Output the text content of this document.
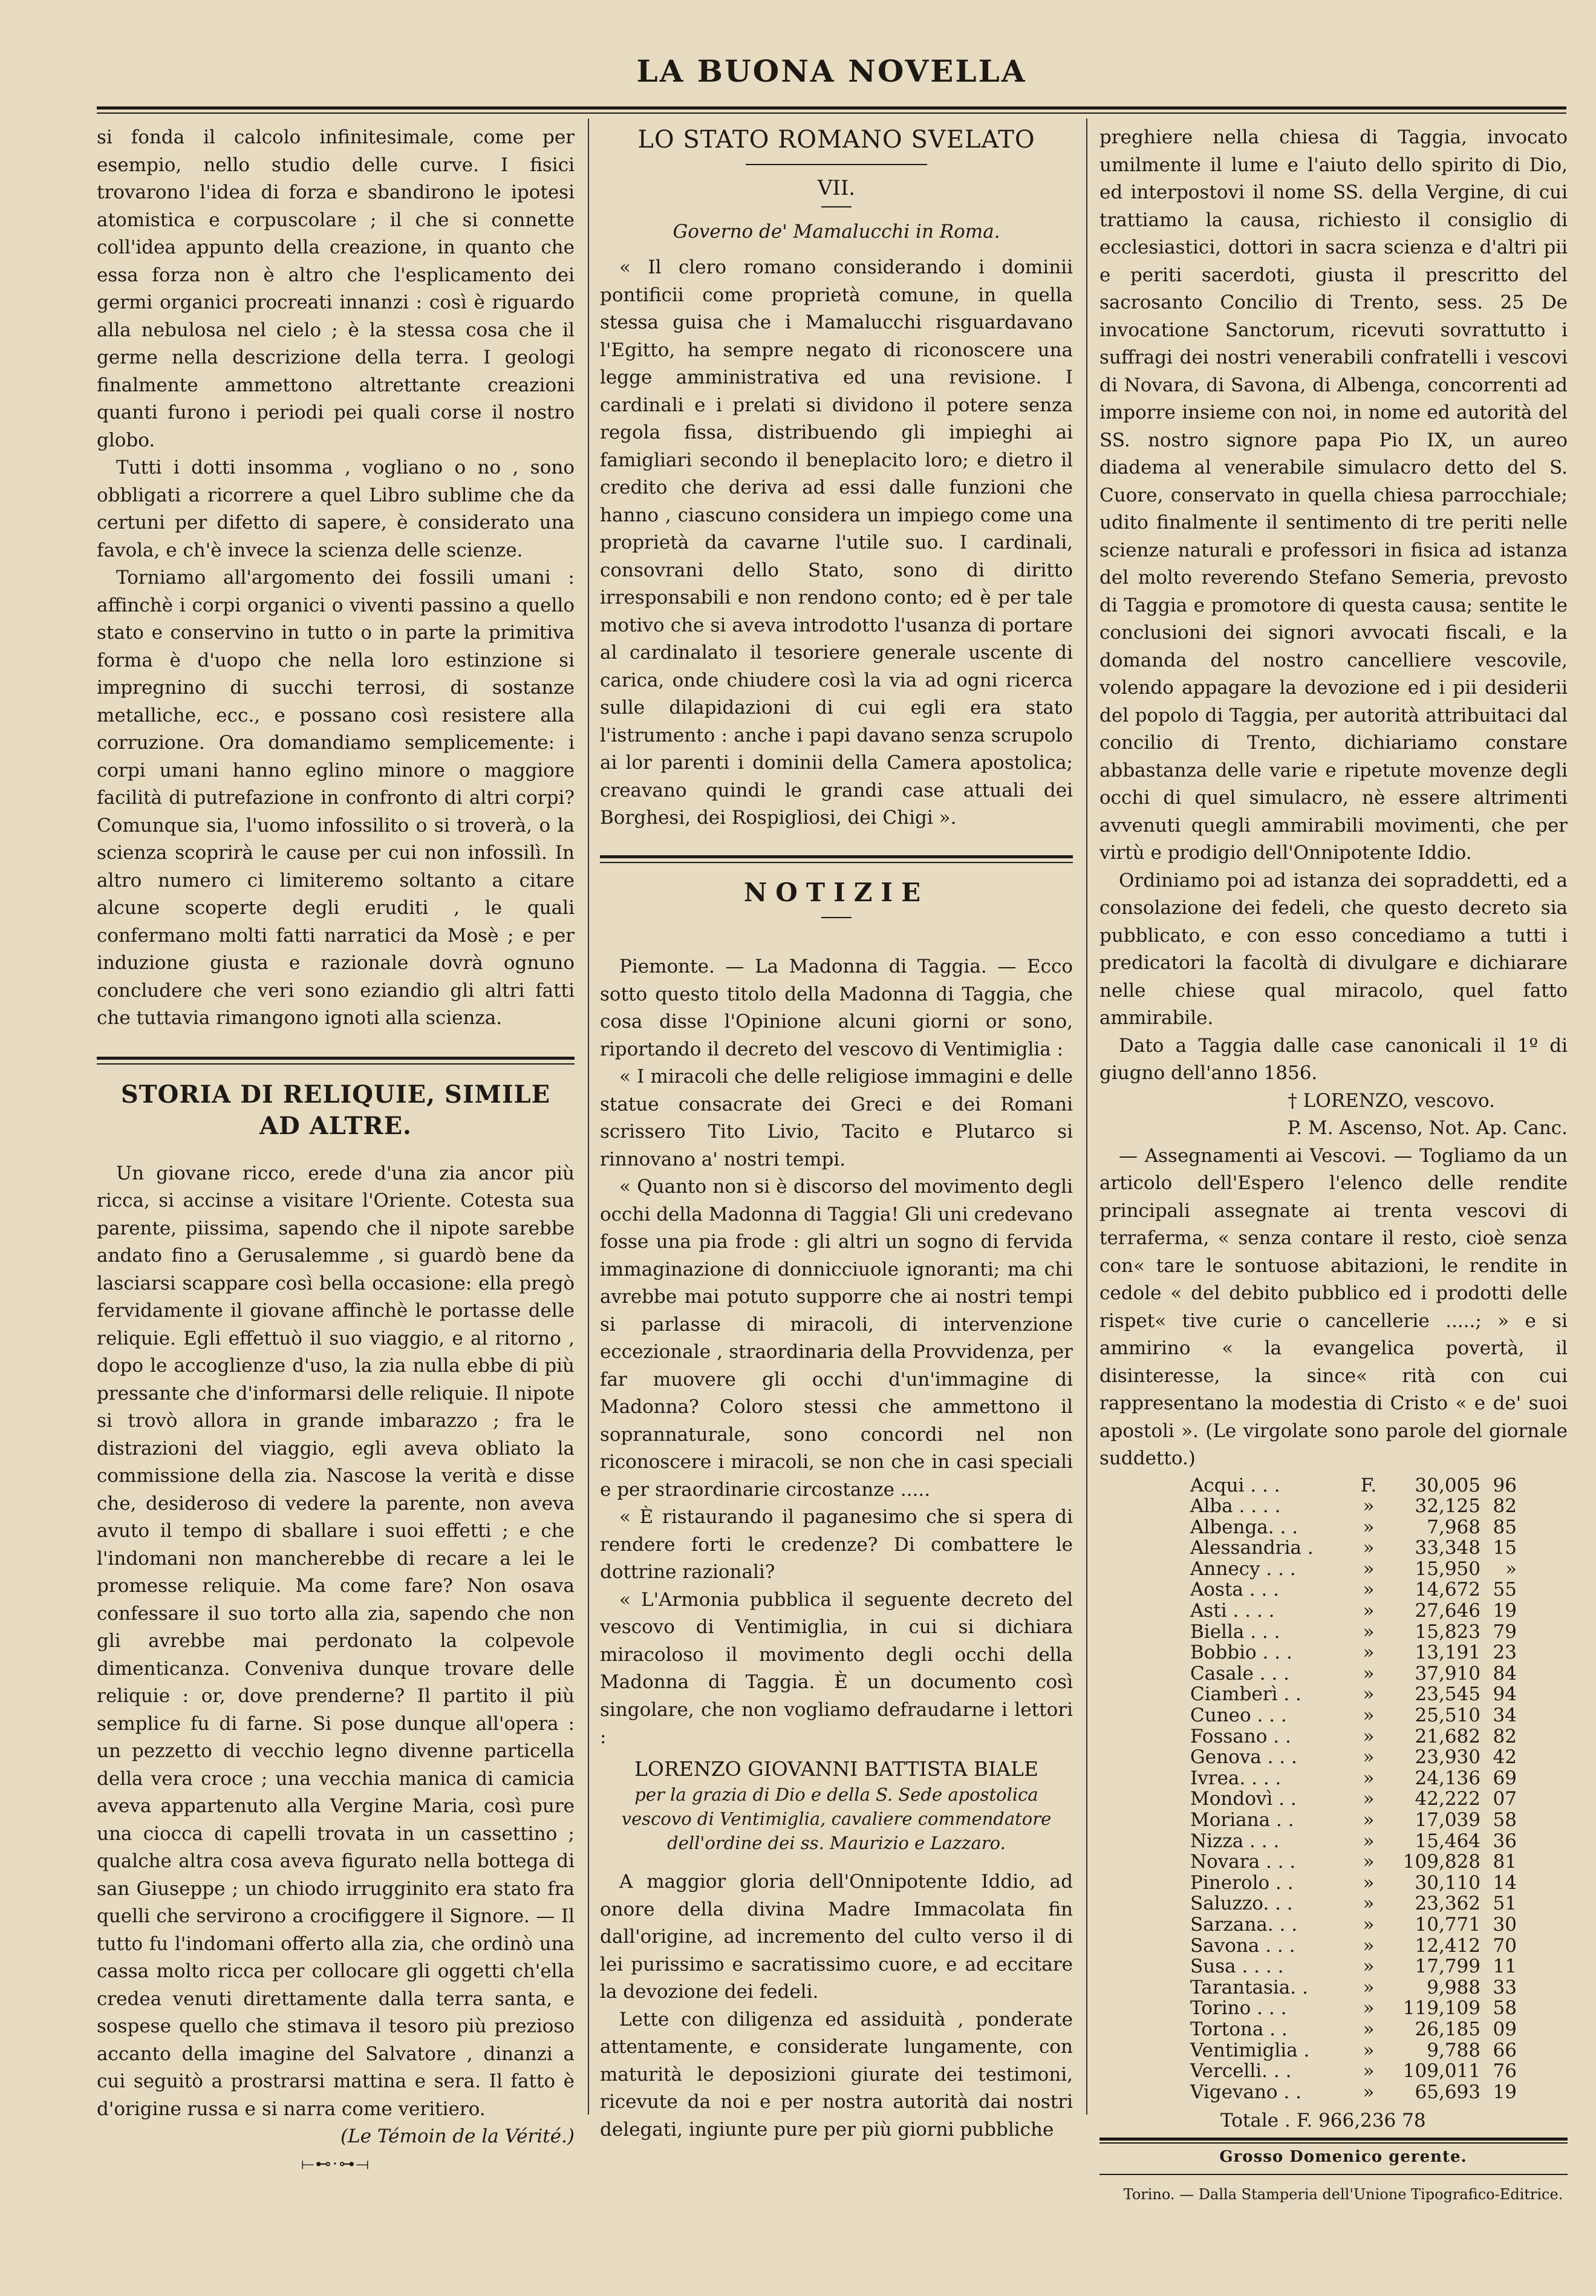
LA BUONA NOVELLA

si fonda il calcolo infinitesimale, come per esempio, nello studio delle curve. I fisici trovarono l'idea di forza e sbandirono le ipotesi atomistica e corpuscolare ; il che si connette coll'idea appunto della creazione, in quanto che essa forza non è altro che l'esplicamento dei germi organici procreati innanzi : così è riguardo alla nebulosa nel cielo ; è la stessa cosa che il germe nella descrizione della terra. I geologi finalmente ammettono altrettante creazioni quanti furono i periodi pei quali corse il nostro globo.

Tutti i dotti insomma , vogliano o no , sono obbligati a ricorrere a quel Libro sublime che da certuni per difetto di sapere, è considerato una favola, e ch'è invece la scienza delle scienze.

Torniamo all'argomento dei fossili umani : affinchè i corpi organici o viventi passino a quello stato e conservino in tutto o in parte la primitiva forma è d'uopo che nella loro estinzione si impregnino di succhi terrosi, di sostanze metalliche, ecc., e possano così resistere alla corruzione. Ora domandiamo semplicemente: i corpi umani hanno eglino minore o maggiore facilità di putrefazione in confronto di altri corpi? Comunque sia, l'uomo infossilito o si troverà, o la scienza scoprirà le cause per cui non infossilì. In altro numero ci limiteremo soltanto a citare alcune scoperte degli eruditi , le quali confermano molti fatti narratici da Mosè ; e per induzione giusta e razionale dovrà ognuno concludere che veri sono eziandio gli altri fatti che tuttavia rimangono ignoti alla scienza.

STORIA DI RELIQUIE, SIMILE AD ALTRE.

Un giovane ricco, erede d'una zia ancor più ricca, si accinse a visitare l'Oriente. Cotesta sua parente, piissima, sapendo che il nipote sarebbe andato fino a Gerusalemme , si guardò bene da lasciarsi scappare così bella occasione: ella pregò fervidamente il giovane affinchè le portasse delle reliquie. Egli effettuò il suo viaggio, e al ritorno , dopo le accoglienze d'uso, la zia nulla ebbe di più pressante che d'informarsi delle reliquie. Il nipote si trovò allora in grande imbarazzo ; fra le distrazioni del viaggio, egli aveva obliato la commissione della zia. Nascose la verità e disse che, desideroso di vedere la parente, non aveva avuto il tempo di sballare i suoi effetti ; e che l'indomani non mancherebbe di recare a lei le promesse reliquie. Ma come fare? Non osava confessare il suo torto alla zia, sapendo che non gli avrebbe mai perdonato la colpevole dimenticanza. Conveniva dunque trovare delle reliquie : or, dove prenderne? Il partito il più semplice fu di farne. Si pose dunque all'opera : un pezzetto di vecchio legno divenne particella della vera croce ; una vecchia manica di camicia aveva appartenuto alla Vergine Maria, così pure una ciocca di capelli trovata in un cassettino ; qualche altra cosa aveva figurato nella bottega di san Giuseppe ; un chiodo irrugginito era stato fra quelli che servirono a crocifiggere il Signore. — Il tutto fu l'indomani offerto alla zia, che ordinò una cassa molto ricca per collocare gli oggetti ch'ella credea venuti direttamente dalla terra santa, e sospese quello che stimava il tesoro più prezioso accanto della imagine del Salvatore , dinanzi a cui seguitò a prostrarsi mattina e sera. Il fatto è d'origine russa e si narra come veritiero.

(Le Témoin de la Vérité.)

⟝⊷⋅⊶⟞
LO STATO ROMANO SVELATO

VII.

Governo de' Mamalucchi in Roma.

« Il clero romano considerando i dominii pontificii come proprietà comune, in quella stessa guisa che i Mamalucchi risguardavano l'Egitto, ha sempre negato di riconoscere una legge amministrativa ed una revisione. I cardinali e i prelati si dividono il potere senza regola fissa, distribuendo gli impieghi ai famigliari secondo il beneplacito loro; e dietro il credito che deriva ad essi dalle funzioni che hanno , ciascuno considera un impiego come una proprietà da cavarne l'utile suo. I cardinali, consovrani dello Stato, sono di diritto irresponsabili e non rendono conto; ed è per tale motivo che si aveva introdotto l'usanza di portare al cardinalato il tesoriere generale uscente di carica, onde chiudere così la via ad ogni ricerca sulle dilapidazioni di cui egli era stato l'istrumento : anche i papi davano senza scrupolo ai lor parenti i dominii della Camera apostolica; creavano quindi le grandi case attuali dei Borghesi, dei Rospigliosi, dei Chigi ».

NOTIZIE

Piemonte. — La Madonna di Taggia. — Ecco sotto questo titolo della Madonna di Taggia, che cosa disse l'Opinione alcuni giorni or sono, riportando il decreto del vescovo di Ventimiglia :

« I miracoli che delle religiose immagini e delle statue consacrate dei Greci e dei Romani scrissero Tito Livio, Tacito e Plutarco si rinnovano a' nostri tempi.

« Quanto non si è discorso del movimento degli occhi della Madonna di Taggia! Gli uni credevano fosse una pia frode : gli altri un sogno di fervida immaginazione di donnicciuole ignoranti; ma chi avrebbe mai potuto supporre che ai nostri tempi si parlasse di miracoli, di intervenzione eccezionale , straordinaria della Provvidenza, per far muovere gli occhi d'un'immagine di Madonna? Coloro stessi che ammettono il soprannaturale, sono concordi nel non riconoscere i miracoli, se non che in casi speciali e per straordinarie circostanze .....

« È ristaurando il paganesimo che si spera di rendere forti le credenze? Di combattere le dottrine razionali?

« L'Armonia pubblica il seguente decreto del vescovo di Ventimiglia, in cui si dichiara miracoloso il movimento degli occhi della Madonna di Taggia. È un documento così singolare, che non vogliamo defraudarne i lettori :

LORENZO GIOVANNI BATTISTA BIALE

per la grazia di Dio e della S. Sede apostolica vescovo di Ventimiglia, cavaliere commendatore dell'ordine dei ss. Maurizio e Lazzaro.

A maggior gloria dell'Onnipotente Iddio, ad onore della divina Madre Immacolata fin dall'origine, ad incremento del culto verso il di lei purissimo e sacratissimo cuore, e ad eccitare la devozione dei fedeli.

Lette con diligenza ed assiduità , ponderate attentamente, e considerate lungamente, con maturità le deposizioni giurate dei testimoni, ricevute da noi e per nostra autorità dai nostri delegati, ingiunte pure per più giorni pubbliche

preghiere nella chiesa di Taggia, invocato umilmente il lume e l'aiuto dello spirito di Dio, ed interpostovi il nome SS. della Vergine, di cui trattiamo la causa, richiesto il consiglio di ecclesiastici, dottori in sacra scienza e d'altri pii e periti sacerdoti, giusta il prescritto del sacrosanto Concilio di Trento, sess. 25 De invocatione Sanctorum, ricevuti sovrattutto i suffragi dei nostri venerabili confratelli i vescovi di Novara, di Savona, di Albenga, concorrenti ad imporre insieme con noi, in nome ed autorità del SS. nostro signore papa Pio IX, un aureo diadema al venerabile simulacro detto del S. Cuore, conservato in quella chiesa parrocchiale; udito finalmente il sentimento di tre periti nelle scienze naturali e professori in fisica ad istanza del molto reverendo Stefano Semeria, prevosto di Taggia e promotore di questa causa; sentite le conclusioni dei signori avvocati fiscali, e la domanda del nostro cancelliere vescovile, volendo appagare la devozione ed i pii desiderii del popolo di Taggia, per autorità attribuitaci dal concilio di Trento, dichiariamo constare abbastanza delle varie e ripetute movenze degli occhi di quel simulacro, nè essere altrimenti avvenuti quegli ammirabili movimenti, che per virtù e prodigio dell'Onnipotente Iddio.

Ordiniamo poi ad istanza dei sopraddetti, ed a consolazione dei fedeli, che questo decreto sia pubblicato, e con esso concediamo a tutti i predicatori la facoltà di divulgare e dichiarare nelle chiese qual miracolo, quel fatto ammirabile.

Dato a Taggia dalle case canonicali il 1º di giugno dell'anno 1856.

† LORENZO, vescovo.

P. M. Ascenso, Not. Ap. Canc.

— Assegnamenti ai Vescovi. — Togliamo da un articolo dell'Espero l'elenco delle rendite principali assegnate ai trenta vescovi di terraferma, « senza contare il resto, cioè senza con« tare le sontuose abitazioni, le rendite in cedole « del debito pubblico ed i prodotti delle rispet« tive curie o cancellerie .....; » e si ammirino « la evangelica povertà, il disinteresse, la since« rità con cui rappresentano la modestia di Cristo « e de' suoi apostoli ». (Le virgolate sono parole del giornale suddetto.)

Acqui . . .	F.	30,005	96
Alba . . . .	»	32,125	82
Albenga. . .	»	7,968	85
Alessandria .	»	33,348	15
Annecy . . .	»	15,950	»
Aosta . . .	»	14,672	55
Asti . . . .	»	27,646	19
Biella . . .	»	15,823	79
Bobbio . . .	»	13,191	23
Casale . . .	»	37,910	84
Ciamberì . .	»	23,545	94
Cuneo . . .	»	25,510	34
Fossano . .	»	21,682	82
Genova . . .	»	23,930	42
Ivrea. . . .	»	24,136	69
Mondovì . .	»	42,222	07
Moriana . .	»	17,039	58
Nizza . . .	»	15,464	36
Novara . . .	»	109,828	81
Pinerolo . .	»	30,110	14
Saluzzo. . .	»	23,362	51
Sarzana. . .	»	10,771	30
Savona . . .	»	12,412	70
Susa . . . .	»	17,799	11
Tarantasia. .	»	9,988	33
Torino . . .	»	119,109	58
Tortona . .	»	26,185	09
Ventimiglia .	»	9,788	66
Vercelli. . .	»	109,011	76
Vigevano . .	»	65,693	19
Totale . F. 966,236 78

Grosso Domenico gerente.

Torino. — Dalla Stamperia dell'Unione Tipografico-Editrice.
